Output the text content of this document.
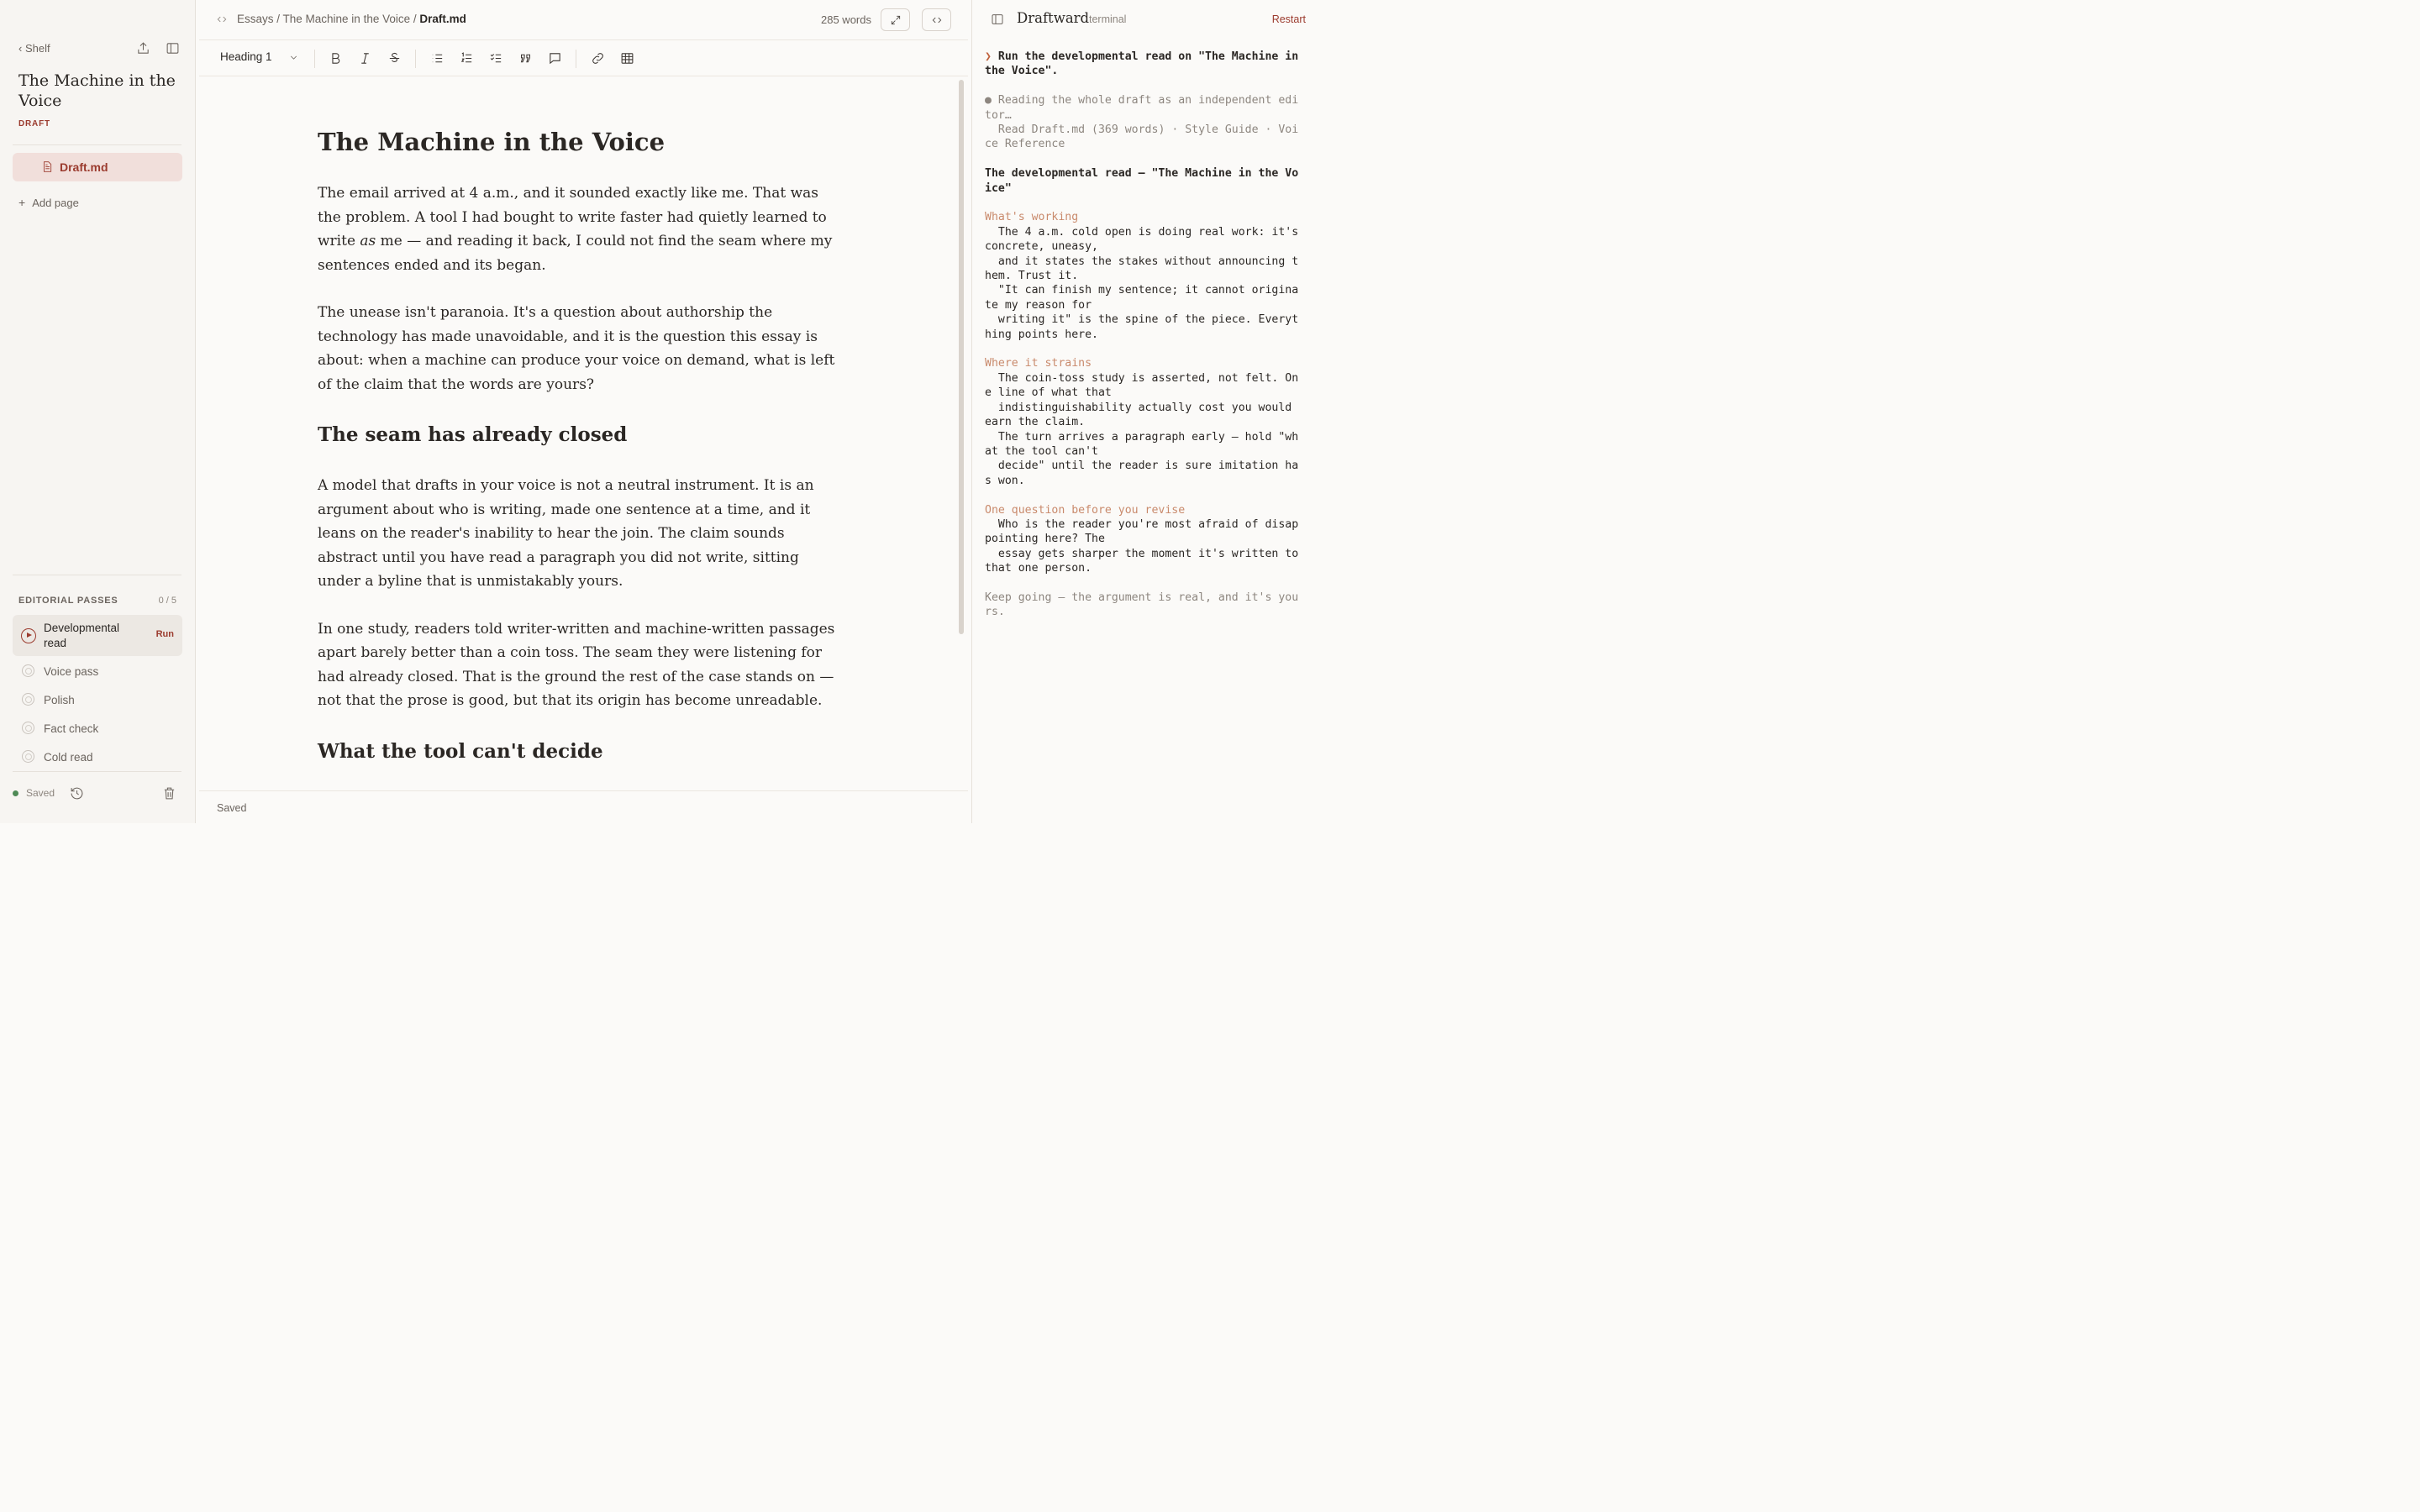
‹ Shelf
The Machine in the Voice
DRAFT
Draft.md
+ Add page
EDITORIAL PASSES	0 / 5
Developmental read
Run
Voice pass
Polish
Fact check
Cold read
Saved
Essays / The Machine in the Voice / Draft.md	285 words
Heading 1
The Machine in the Voice

The email arrived at 4 a.m., and it sounded exactly like me. That was the problem. A tool I had bought to write faster had quietly learned to write as me — and reading it back, I could not find the seam where my sentences ended and its began.

The unease isn't paranoia. It's a question about authorship the technology has made unavoidable, and it is the question this essay is about: when a machine can produce your voice on demand, what is left of the claim that the words are yours?

The seam has already closed

A model that drafts in your voice is not a neutral instrument. It is an argument about who is writing, made one sentence at a time, and it leans on the reader's inability to hear the join. The claim sounds abstract until you have read a paragraph you did not write, sitting under a byline that is unmistakably yours.

In one study, readers told writer-written and machine-written passages apart barely better than a coin toss. The seam they were listening for had already closed. That is the ground the rest of the case stands on — not that the prose is good, but that its origin has become unreadable.

What the tool can't decide
Saved
Draftward terminal	Restart
❯ Run the developmental read on "The Machine in the Voice".
● Reading the whole draft as an independent editor…
Read Draft.md (369 words) · Style Guide · Voice Reference
The developmental read — "The Machine in the Voice"
What's working
The 4 a.m. cold open is doing real work: it's concrete, uneasy,
and it states the stakes without announcing them. Trust it.
"It can finish my sentence; it cannot originate my reason for
writing it" is the spine of the piece. Everything points here.
Where it strains
The coin-toss study is asserted, not felt. One line of what that
indistinguishability actually cost you would earn the claim.
The turn arrives a paragraph early — hold "what the tool can't
decide" until the reader is sure imitation has won.
One question before you revise
Who is the reader you're most afraid of disappointing here? The
essay gets sharper the moment it's written to that one person.
Keep going — the argument is real, and it's yours.
